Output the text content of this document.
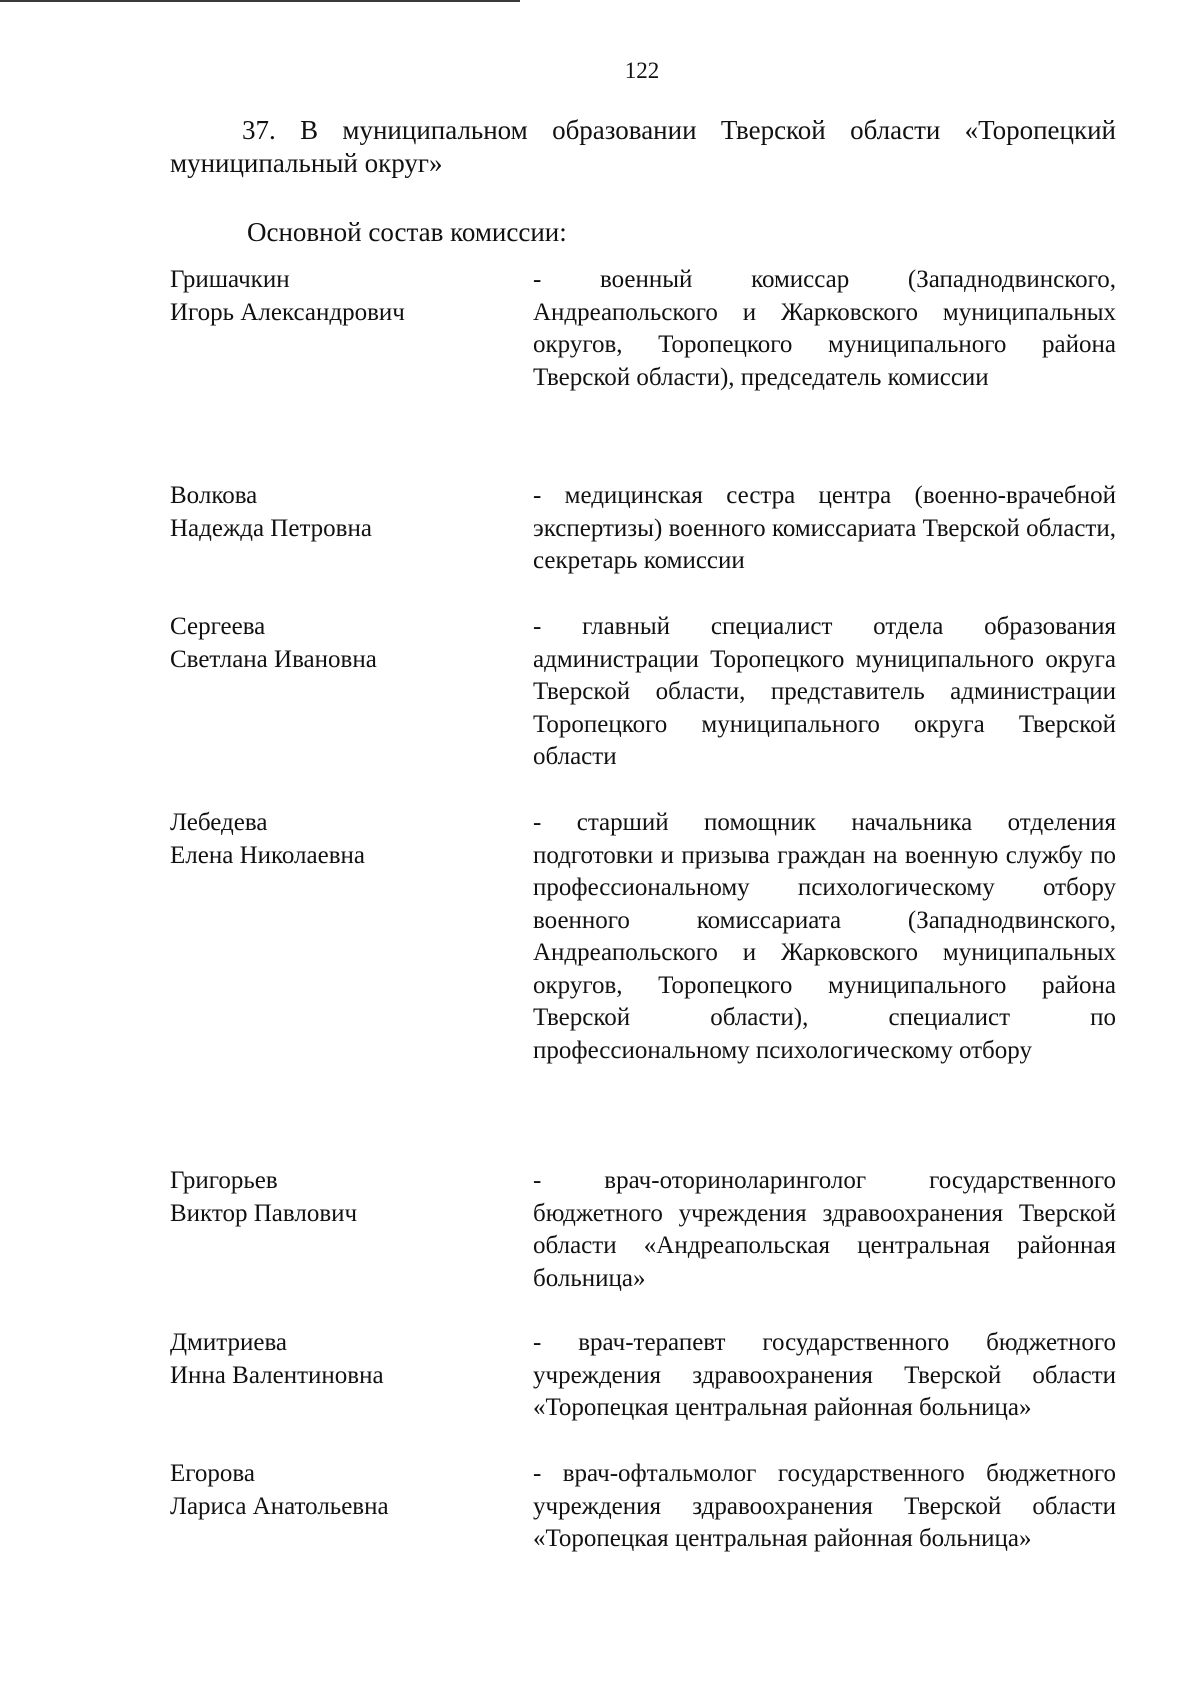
122

37. В муниципальном образовании Тверской области «Торопецкий муниципальный округ»

Основной состав комиссии:

Гришачкин
Игорь Александрович

- военный комиссар (Западнодвинского, Андреапольского и Жарковского муниципальных округов, Торопецкого муниципального района Тверской области), председатель комиссии

Волкова
Надежда Петровна

- медицинская сестра центра (военно-врачебной экспертизы) военного комиссариата Тверской области, секретарь комиссии

Сергеева
Светлана Ивановна

- главный специалист отдела образования администрации Торопецкого муниципального округа Тверской области, представитель администрации Торопецкого муниципального округа Тверской области

Лебедева
Елена Николаевна

- старший помощник начальника отделения подготовки и призыва граждан на военную службу по профессиональному психологическому отбору военного комиссариата (Западнодвинского, Андреапольского и Жарковского муниципальных округов, Торопецкого муниципального района Тверской области), специалист по профессиональному психологическому отбору

Григорьев
Виктор Павлович

- врач-оториноларинголог государственного бюджетного учреждения здравоохранения Тверской области «Андреапольская центральная районная больница»

Дмитриева
Инна Валентиновна

- врач-терапевт государственного бюджетного учреждения здравоохранения Тверской области «Торопецкая центральная районная больница»

Егорова
Лариса Анатольевна

- врач-офтальмолог государственного бюджетного учреждения здравоохранения Тверской области «Торопецкая центральная районная больница»
